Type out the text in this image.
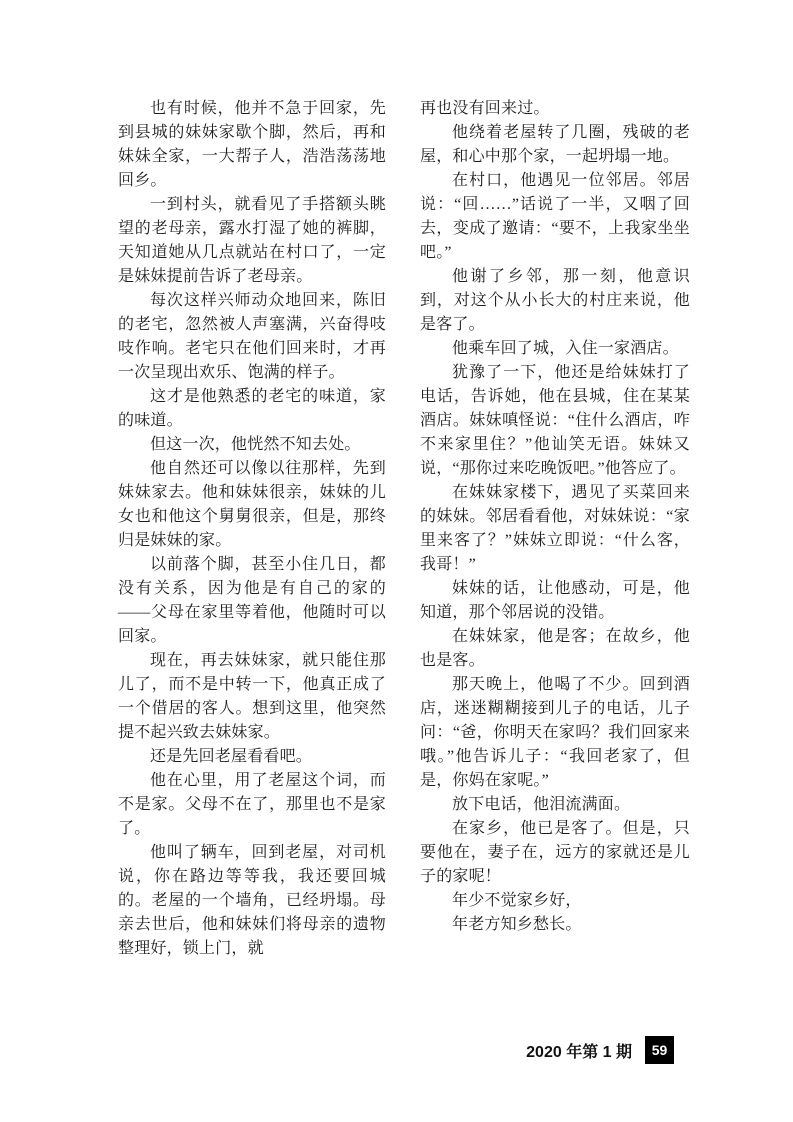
也有时候，他并不急于回家，先到县城的妹妹家歇个脚，然后，再和妹妹全家，一大帮子人，浩浩荡荡地回乡。

一到村头，就看见了手搭额头眺望的老母亲，露水打湿了她的裤脚，天知道她从几点就站在村口了，一定是妹妹提前告诉了老母亲。

每次这样兴师动众地回来，陈旧的老宅，忽然被人声塞满，兴奋得吱吱作响。老宅只在他们回来时，才再一次呈现出欢乐、饱满的样子。

这才是他熟悉的老宅的味道，家的味道。

但这一次，他恍然不知去处。

他自然还可以像以往那样，先到妹妹家去。他和妹妹很亲，妹妹的儿女也和他这个舅舅很亲，但是，那终归是妹妹的家。

以前落个脚，甚至小住几日，都没有关系，因为他是有自己的家的——父母在家里等着他，他随时可以回家。

现在，再去妹妹家，就只能住那儿了，而不是中转一下，他真正成了一个借居的客人。想到这里，他突然提不起兴致去妹妹家。

还是先回老屋看看吧。

他在心里，用了老屋这个词，而不是家。父母不在了，那里也不是家了。

他叫了辆车，回到老屋，对司机说，你在路边等等我，我还要回城的。老屋的一个墙角，已经坍塌。母亲去世后，他和妹妹们将母亲的遗物整理好，锁上门，就

再也没有回来过。

他绕着老屋转了几圈，残破的老屋，和心中那个家，一起坍塌一地。

在村口，他遇见一位邻居。邻居说：“回……”话说了一半，又咽了回去，变成了邀请：“要不，上我家坐坐吧。”

他谢了乡邻，那一刻，他意识到，对这个从小长大的村庄来说，他是客了。

他乘车回了城，入住一家酒店。

犹豫了一下，他还是给妹妹打了电话，告诉她，他在县城，住在某某酒店。妹妹嗔怪说：“住什么酒店，咋不来家里住？”他讪笑无语。妹妹又说，“那你过来吃晚饭吧。”他答应了。

在妹妹家楼下，遇见了买菜回来的妹妹。邻居看看他，对妹妹说：“家里来客了？”妹妹立即说：“什么客，我哥！”

妹妹的话，让他感动，可是，他知道，那个邻居说的没错。

在妹妹家，他是客；在故乡，他也是客。

那天晚上，他喝了不少。回到酒店，迷迷糊糊接到儿子的电话，儿子问：“爸，你明天在家吗？我们回家来哦。”他告诉儿子：“我回老家了，但是，你妈在家呢。”

放下电话，他泪流满面。

在家乡，他已是客了。但是，只要他在，妻子在，远方的家就还是儿子的家呢！

年少不觉家乡好，

年老方知乡愁长。

2020 年第 1 期	59
